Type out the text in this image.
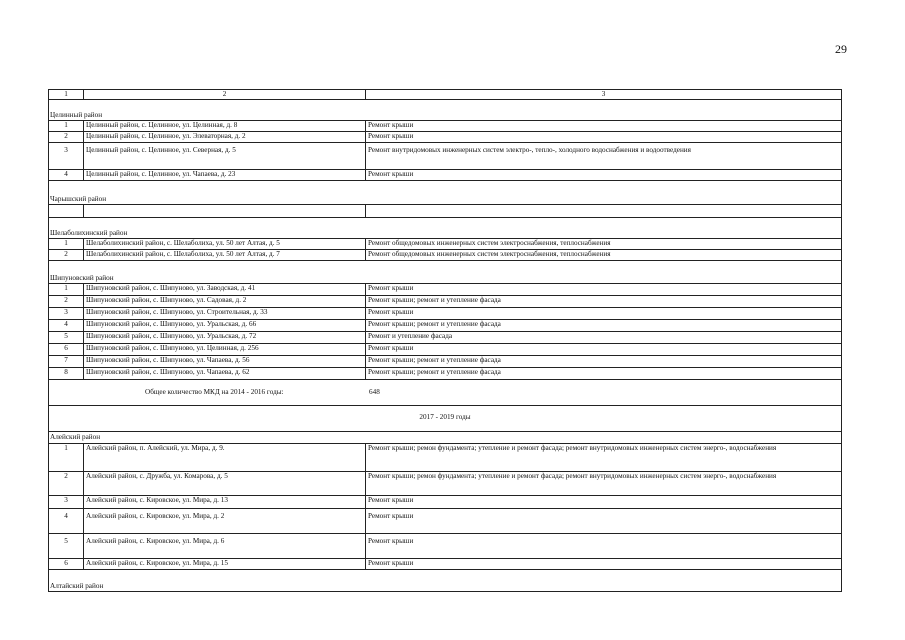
29
1	2	3
Целинный район
1	Целинный район, с. Целинное, ул. Целинная, д. 8	Ремонт крыши
2	Целинный район, с. Целинное, ул. Элеваторная, д. 2	Ремонт крыши
3	Целинный район, с. Целинное, ул. Северная, д. 5	Ремонт внутридомовых инженерных систем электро-, тепло-, холодного водоснабжения и водоотведения
4	Целинный район, с. Целинное, ул. Чапаева, д. 23	Ремонт крыши
Чарышский район
Шелаболихинский район
1	Шелаболихинский район, с. Шелаболиха, ул. 50 лет Алтая, д. 5	Ремонт общедомовых инженерных систем электроснабжения, теплоснабжения
2	Шелаболихинский район, с. Шелаболиха, ул. 50 лет Алтая, д. 7	Ремонт общедомовых инженерных систем электроснабжения, теплоснабжения
Шипуновский район
1	Шипуновский район, с. Шипуново, ул. Заводская, д. 41	Ремонт крыши
2	Шипуновский район, с. Шипуново, ул. Садовая, д. 2	Ремонт крыши; ремонт и утепление фасада
3	Шипуновский район, с. Шипуново, ул. Строительная, д. 33	Ремонт крыши
4	Шипуновский район, с. Шипуново, ул. Уральская, д. 66	Ремонт крыши; ремонт и утепление фасада
5	Шипуновский район, с. Шипуново, ул. Уральская, д. 72	Ремонт и утепление фасада
6	Шипуновский район, с. Шипуново, ул. Целинная, д. 256	Ремонт крыши
7	Шипуновский район, с. Шипуново, ул. Чапаева, д. 56	Ремонт крыши; ремонт и утепление фасада
8	Шипуновский район, с. Шипуново, ул. Чапаева, д. 62	Ремонт крыши; ремонт и утепление фасада
Общее количество МКД на 2014 - 2016 годы:	648
2017 - 2019 годы
Алейский район
1	Алейский район, п. Алейский, ул. Мира, д. 9.	Ремонт крыши; ремон фундамента; утепление и ремонт фасада; ремонт внутридомовых инженерных систем энерго-, водоснабжения
2	Алейский район, с. Дружба, ул. Комарова, д. 5	Ремонт крыши; ремон фундамента; утепление и ремонт фасада; ремонт внутридомовых инженерных систем энерго-, водоснабжения
3	Алейский район, с. Кировское, ул. Мира, д. 13	Ремонт крыши
4	Алейский район, с. Кировское, ул. Мира, д. 2	Ремонт крыши
5	Алейский район, с. Кировское, ул. Мира, д. 6	Ремонт крыши
6	Алейский район, с. Кировское, ул. Мира, д. 15	Ремонт крыши
Алтайский район
